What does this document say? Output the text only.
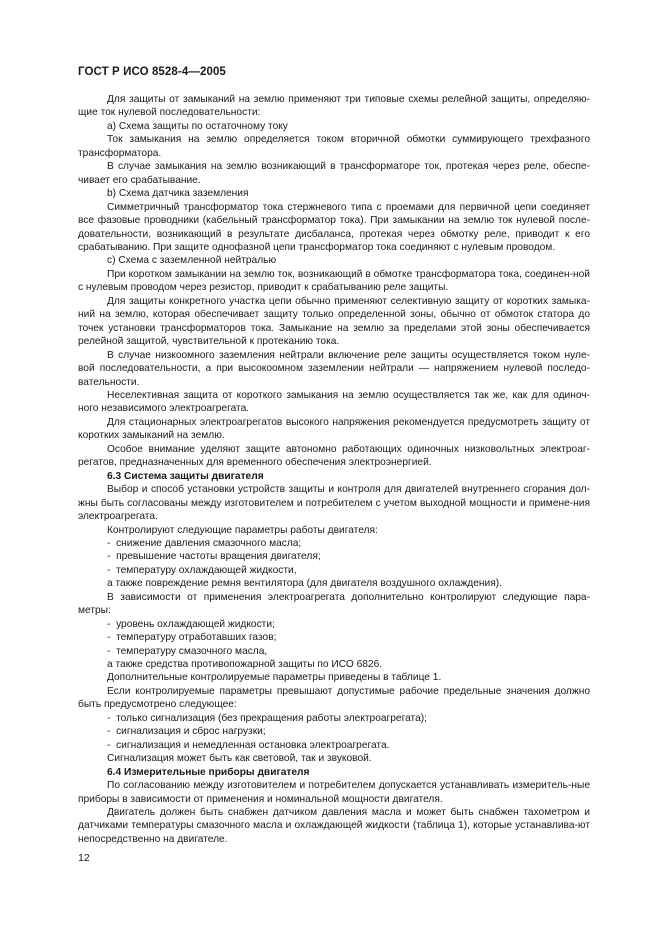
ГОСТ Р ИСО 8528-4—2005

Для защиты от замыканий на землю применяют три типовые схемы релейной защиты, определяю-щие ток нулевой последовательности:

a) Схема защиты по остаточному току

Ток замыкания на землю определяется током вторичной обмотки суммирующего трехфазного трансформатора.

В случае замыкания на землю возникающий в трансформаторе ток, протекая через реле, обеспе-чивает его срабатывание.

b) Схема датчика заземления

Симметричный трансформатор тока стержневого типа с проемами для первичной цепи соединяет все фазовые проводники (кабельный трансформатор тока). При замыкании на землю ток нулевой после-довательности, возникающий в результате дисбаланса, протекая через обмотку реле, приводит к его срабатыванию. При защите однофазной цепи трансформатор тока соединяют с нулевым проводом.

c) Схема с заземленной нейтралью

При коротком замыкании на землю ток, возникающий в обмотке трансформатора тока, соединен-ной с нулевым проводом через резистор, приводит к срабатыванию реле защиты.

Для защиты конкретного участка цепи обычно применяют селективную защиту от коротких замыка-ний на землю, которая обеспечивает защиту только определенной зоны, обычно от обмоток статора до точек установки трансформаторов тока. Замыкание на землю за пределами этой зоны обеспечивается релейной защитой, чувствительной к протеканию тока.

В случае низкоомного заземления нейтрали включение реле защиты осуществляется током нуле-вой последовательности, а при высокоомном заземлении нейтрали — напряжением нулевой последо-вательности.

Неселективная защита от короткого замыкания на землю осуществляется так же, как для одиноч-ного независимого электроагрегата.

Для стационарных электроагрегатов высокого напряжения рекомендуется предусмотреть защиту от коротких замыканий на землю.

Особое внимание уделяют защите автономно работающих одиночных низковольтных электроаг-регатов, предназначенных для временного обеспечения электроэнергией.

6.3 Система защиты двигателя

Выбор и способ установки устройств защиты и контроля для двигателей внутреннего сгорания дол-жны быть согласованы между изготовителем и потребителем с учетом выходной мощности и примене-ния электроагрегата.

Контролируют следующие параметры работы двигателя:

-  снижение давления смазочного масла;

-  превышение частоты вращения двигателя;

-  температуру охлаждающей жидкости,

а также повреждение ремня вентилятора (для двигателя воздушного охлаждения).

В зависимости от применения электроагрегата дополнительно контролируют следующие пара-метры:

-  уровень охлаждающей жидкости;

-  температуру отработавших газов;

-  температуру смазочного масла,

а также средства противопожарной защиты по ИСО 6826.

Дополнительные контролируемые параметры приведены в таблице 1.

Если контролируемые параметры превышают допустимые рабочие предельные значения должно быть предусмотрено следующее:

-  только сигнализация (без прекращения работы электроагрегата);

-  сигнализация и сброс нагрузки;

-  сигнализация и немедленная остановка электроагрегата.

Сигнализация может быть как световой, так и звуковой.

6.4 Измерительные приборы двигателя

По согласованию между изготовителем и потребителем допускается устанавливать измеритель-ные приборы в зависимости от применения и номинальной мощности двигателя.

Двигатель должен быть снабжен датчиком давления масла и может быть снабжен тахометром и датчиками температуры смазочного масла и охлаждающей жидкости (таблица 1), которые устанавлива-ют непосредственно на двигателе.

12
